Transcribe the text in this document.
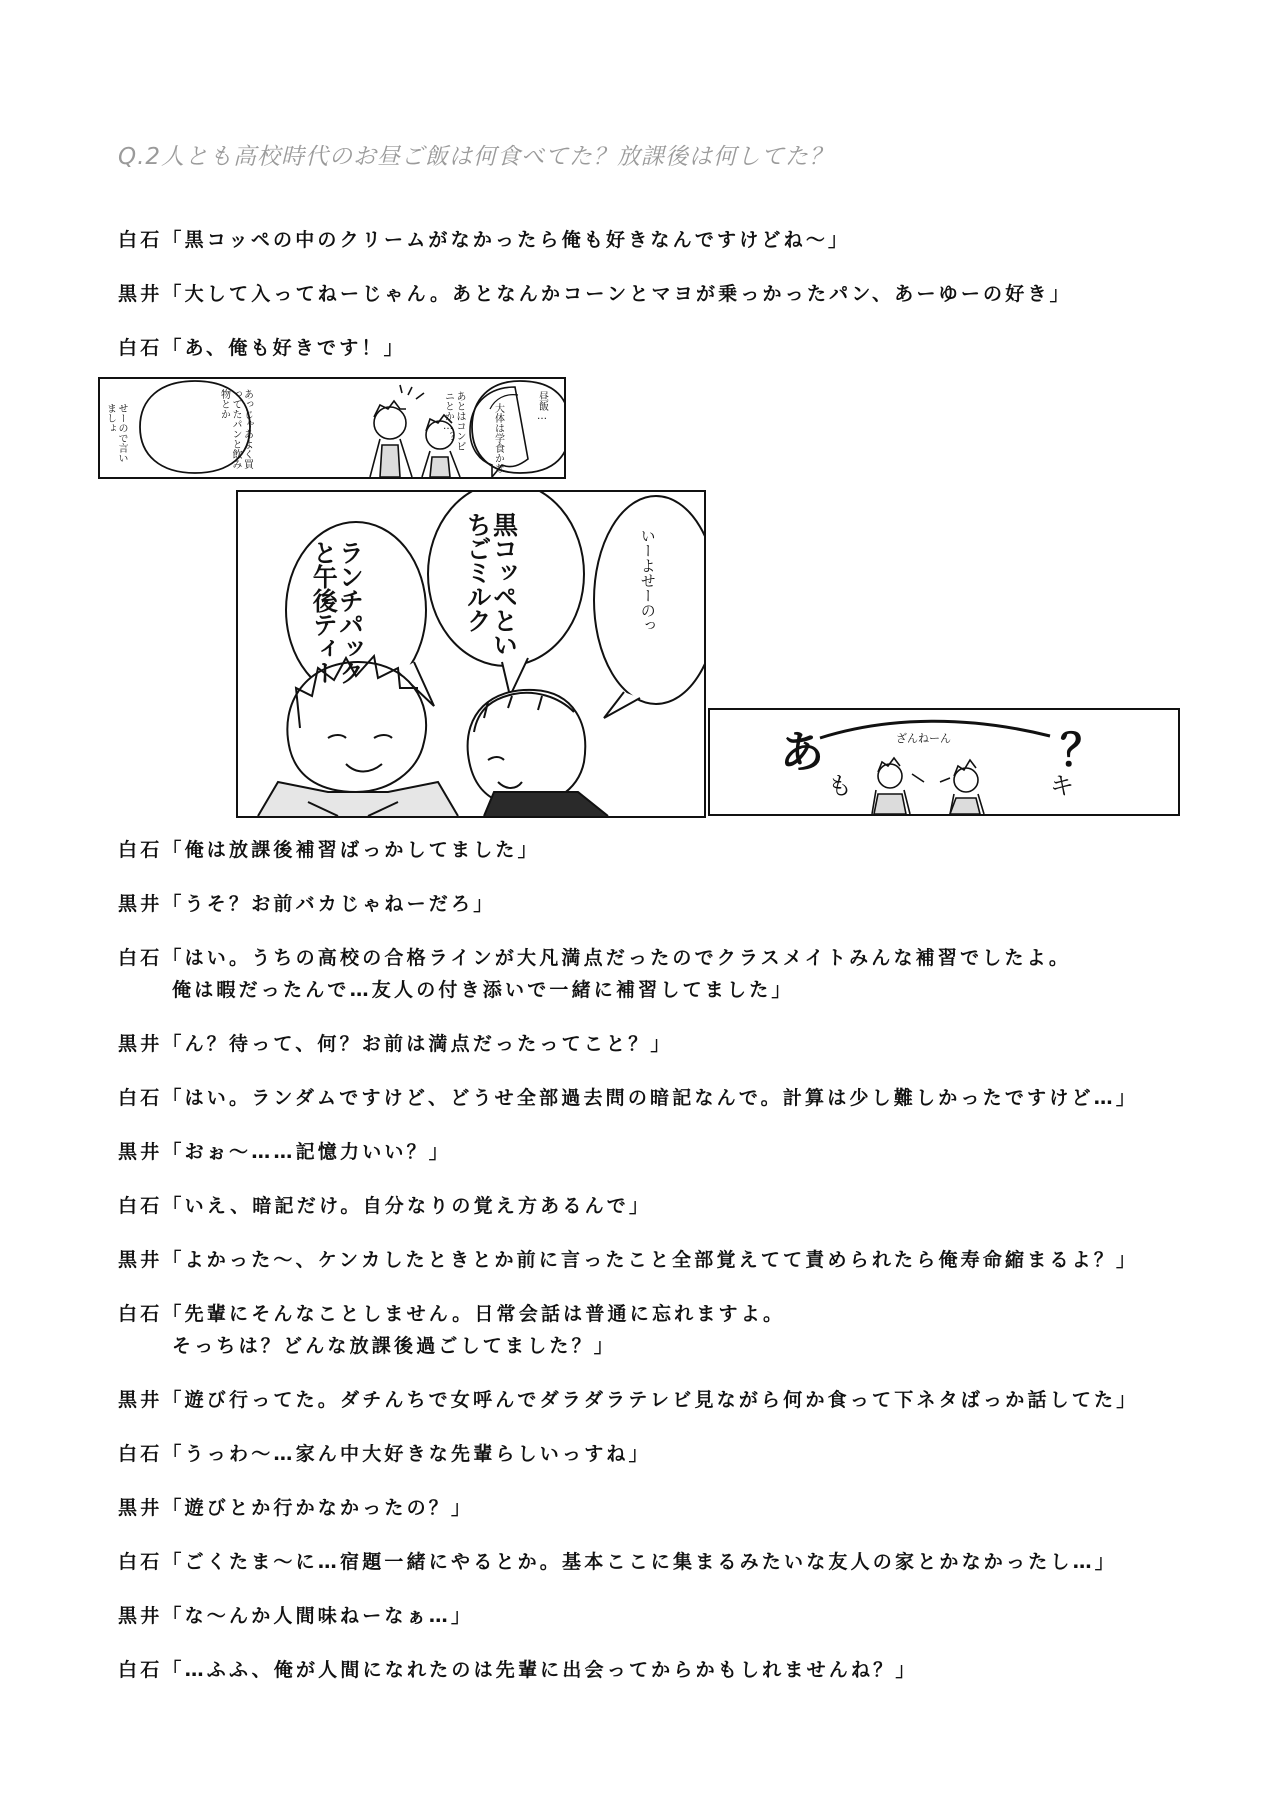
Q.2人とも高校時代のお昼ご飯は何食べてた？放課後は何してた？
白石「黒コッペの中のクリームがなかったら俺も好きなんですけどね～」
黒井「大して入ってねーじゃん。あとなんかコーンとマヨが乗っかったパン、あーゆーの好き」
白石「あ、俺も好きです！」
昼飯…
大体は学食かな
あとはコンビニとか…？
あっじゃあよく買ってたパンと飲み物とか
せーので言いましょ
いーよせーのっ
黒コッペといちごミルク
ランチパックと午後ティー
あ	？
ざんねーん
も	キ
白石「俺は放課後補習ばっかしてました」
黒井「うそ？お前バカじゃねーだろ」
白石「はい。うちの高校の合格ラインが大凡満点だったのでクラスメイトみんな補習でしたよ。
俺は暇だったんで…友人の付き添いで一緒に補習してました」
黒井「ん？待って、何？お前は満点だったってこと？」
白石「はい。ランダムですけど、どうせ全部過去問の暗記なんで。計算は少し難しかったですけど…」
黒井「おぉ～……記憶力いい？」
白石「いえ、暗記だけ。自分なりの覚え方あるんで」
黒井「よかった～、ケンカしたときとか前に言ったこと全部覚えてて責められたら俺寿命縮まるよ？」
白石「先輩にそんなことしません。日常会話は普通に忘れますよ。
そっちは？どんな放課後過ごしてました？」
黒井「遊び行ってた。ダチんちで女呼んでダラダラテレビ見ながら何か食って下ネタばっか話してた」
白石「うっわ～…家ん中大好きな先輩らしいっすね」
黒井「遊びとか行かなかったの？」
白石「ごくたま～に…宿題一緒にやるとか。基本ここに集まるみたいな友人の家とかなかったし…」
黒井「な～んか人間味ねーなぁ…」
白石「…ふふ、俺が人間になれたのは先輩に出会ってからかもしれませんね？」
